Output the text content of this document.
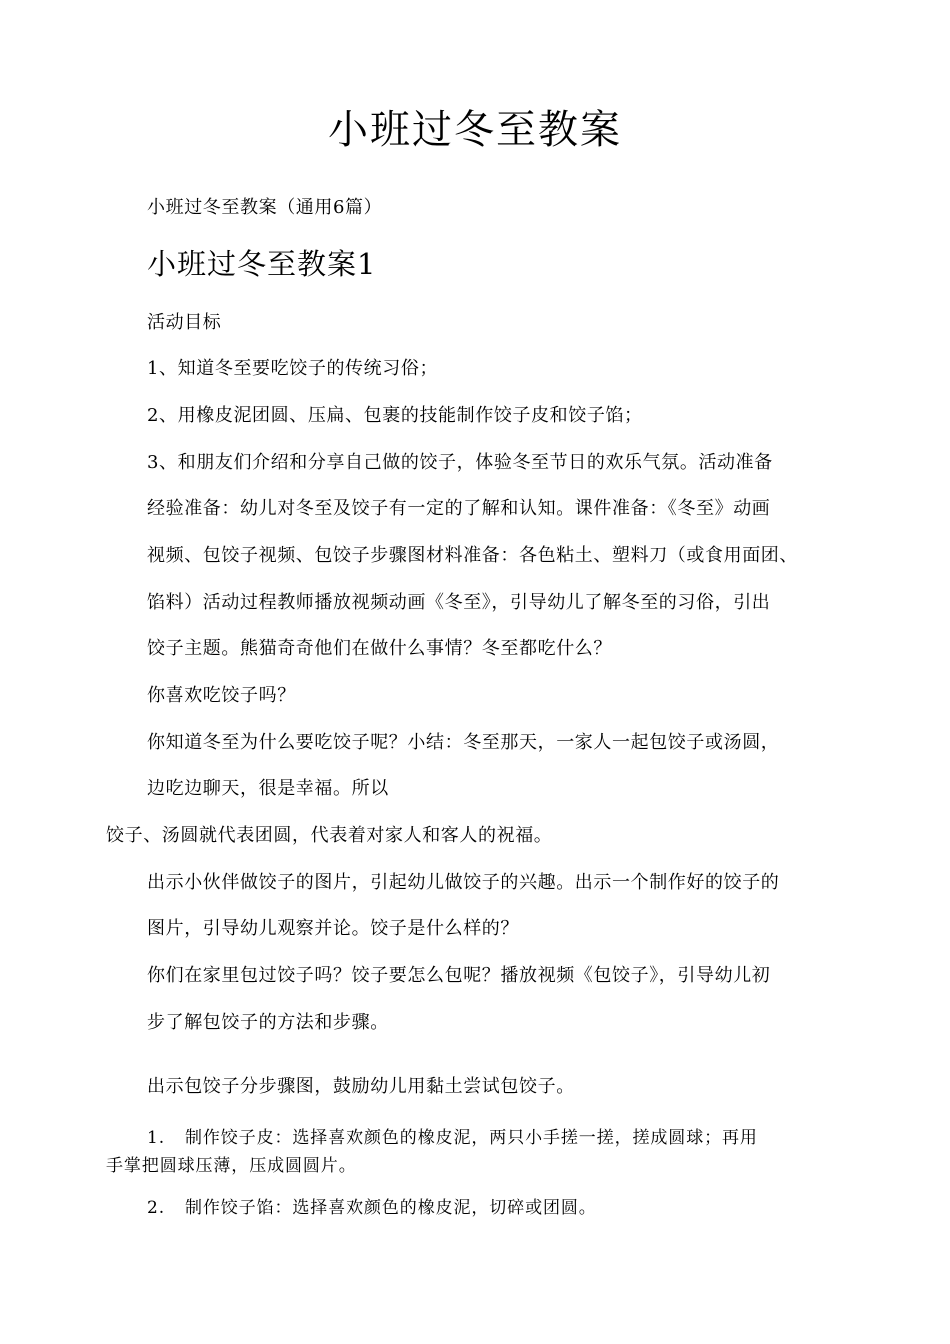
小班过冬至教案
小班过冬至教案（通用6篇）
小班过冬至教案1
活动目标
1、知道冬至要吃饺子的传统习俗；
2、用橡皮泥团圆、压扁、包裹的技能制作饺子皮和饺子馅；
3、和朋友们介绍和分享自己做的饺子，体验冬至节日的欢乐气氛。活动准备
经验准备：幼儿对冬至及饺子有一定的了解和认知。课件准备：《冬至》动画
视频、包饺子视频、包饺子步骤图材料准备：各色粘土、塑料刀（或食用面团、
馅料）活动过程教师播放视频动画《冬至》，引导幼儿了解冬至的习俗，引出
饺子主题。熊猫奇奇他们在做什么事情？冬至都吃什么？
你喜欢吃饺子吗？
你知道冬至为什么要吃饺子呢？小结：冬至那天，一家人一起包饺子或汤圆，
边吃边聊天，很是幸福。所以
饺子、汤圆就代表团圆，代表着对家人和客人的祝福。
出示小伙伴做饺子的图片，引起幼儿做饺子的兴趣。出示一个制作好的饺子的
图片，引导幼儿观察并论。饺子是什么样的？
你们在家里包过饺子吗？饺子要怎么包呢？播放视频《包饺子》，引导幼儿初
步了解包饺子的方法和步骤。
出示包饺子分步骤图，鼓励幼儿用黏土尝试包饺子。
1. 制作饺子皮：选择喜欢颜色的橡皮泥，两只小手搓一搓，搓成圆球；再用
手掌把圆球压薄，压成圆圆片。
2. 制作饺子馅：选择喜欢颜色的橡皮泥，切碎或团圆。
